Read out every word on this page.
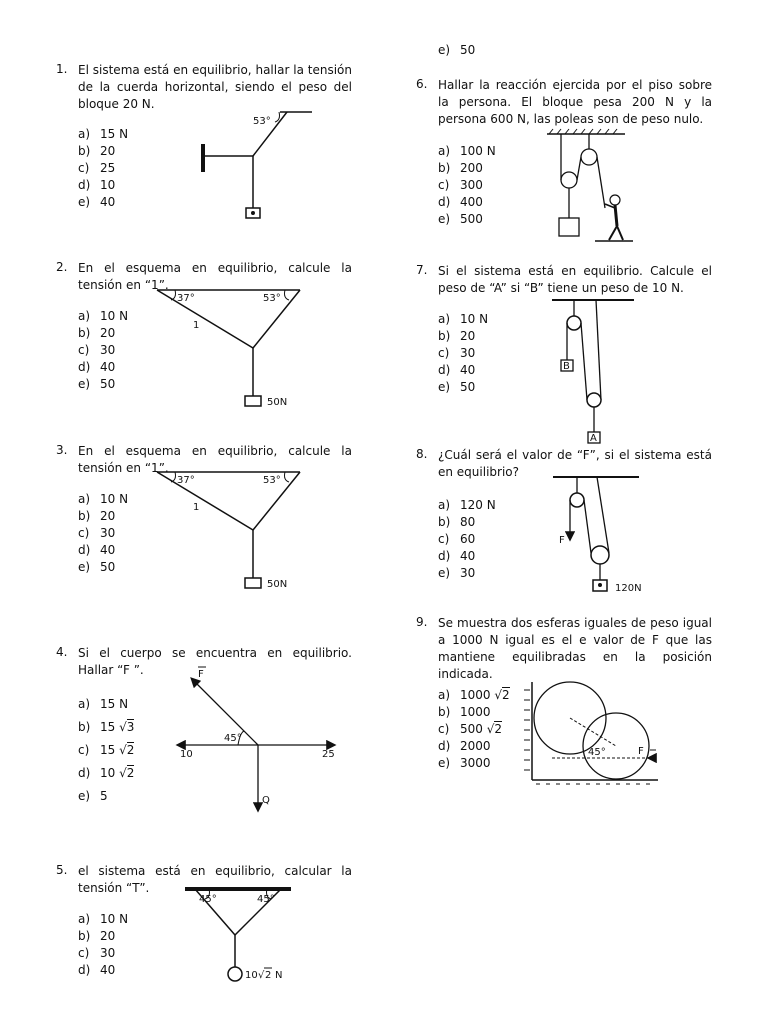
1. El sistema está en equilibrio, hallar la tensión de la cuerda horizontal, siendo el peso del bloque 20 N.
a) 15 N
b) 20
c) 25
d) 10
e) 40
53°
2. En el esquema en equilibrio, calcule la tensión en “1”.
a) 10 N
b) 20
c) 30
d) 40
e) 50
37°	53°
1
50N
3. En el esquema en equilibrio, calcule la tensión en “1”.
a) 10 N
b) 20
c) 30
d) 40
e) 50
37°	53°
1
50N
4. Si el cuerpo se encuentra en equilibrio. Hallar “F ”.
a) 15 N
b) 15 √3
c) 15 √2
d) 10 √2
e) 5
45°
F
10	25
Q
5. el sistema está en equilibrio, calcular la tensión “T”.
a) 10 N
b) 20
c) 30
d) 40
45°	45°
10 √ 2 N
e) 50
6. Hallar la reacción ejercida por el piso sobre la persona. El bloque pesa 200 N y la persona 600 N, las poleas son de peso nulo.
a) 100 N
b) 200
c) 300
d) 400
e) 500
7. Si el sistema está en equilibrio. Calcule el peso de “A” si “B” tiene un peso de 10 N.
a) 10 N
b) 20
c) 30
d) 40
e) 50
B
A
8. ¿Cuál será el valor de “F”, si el sistema está en equilibrio?
a) 120 N
b) 80
c) 60
d) 40
e) 30
F
120N
9. Se muestra dos esferas iguales de peso igual a 1000 N igual es el e valor de F que las mantiene equilibradas en la posición indicada.
a) 1000 √2
b) 1000
c) 500 √2
d) 2000
e) 3000
45°	F
